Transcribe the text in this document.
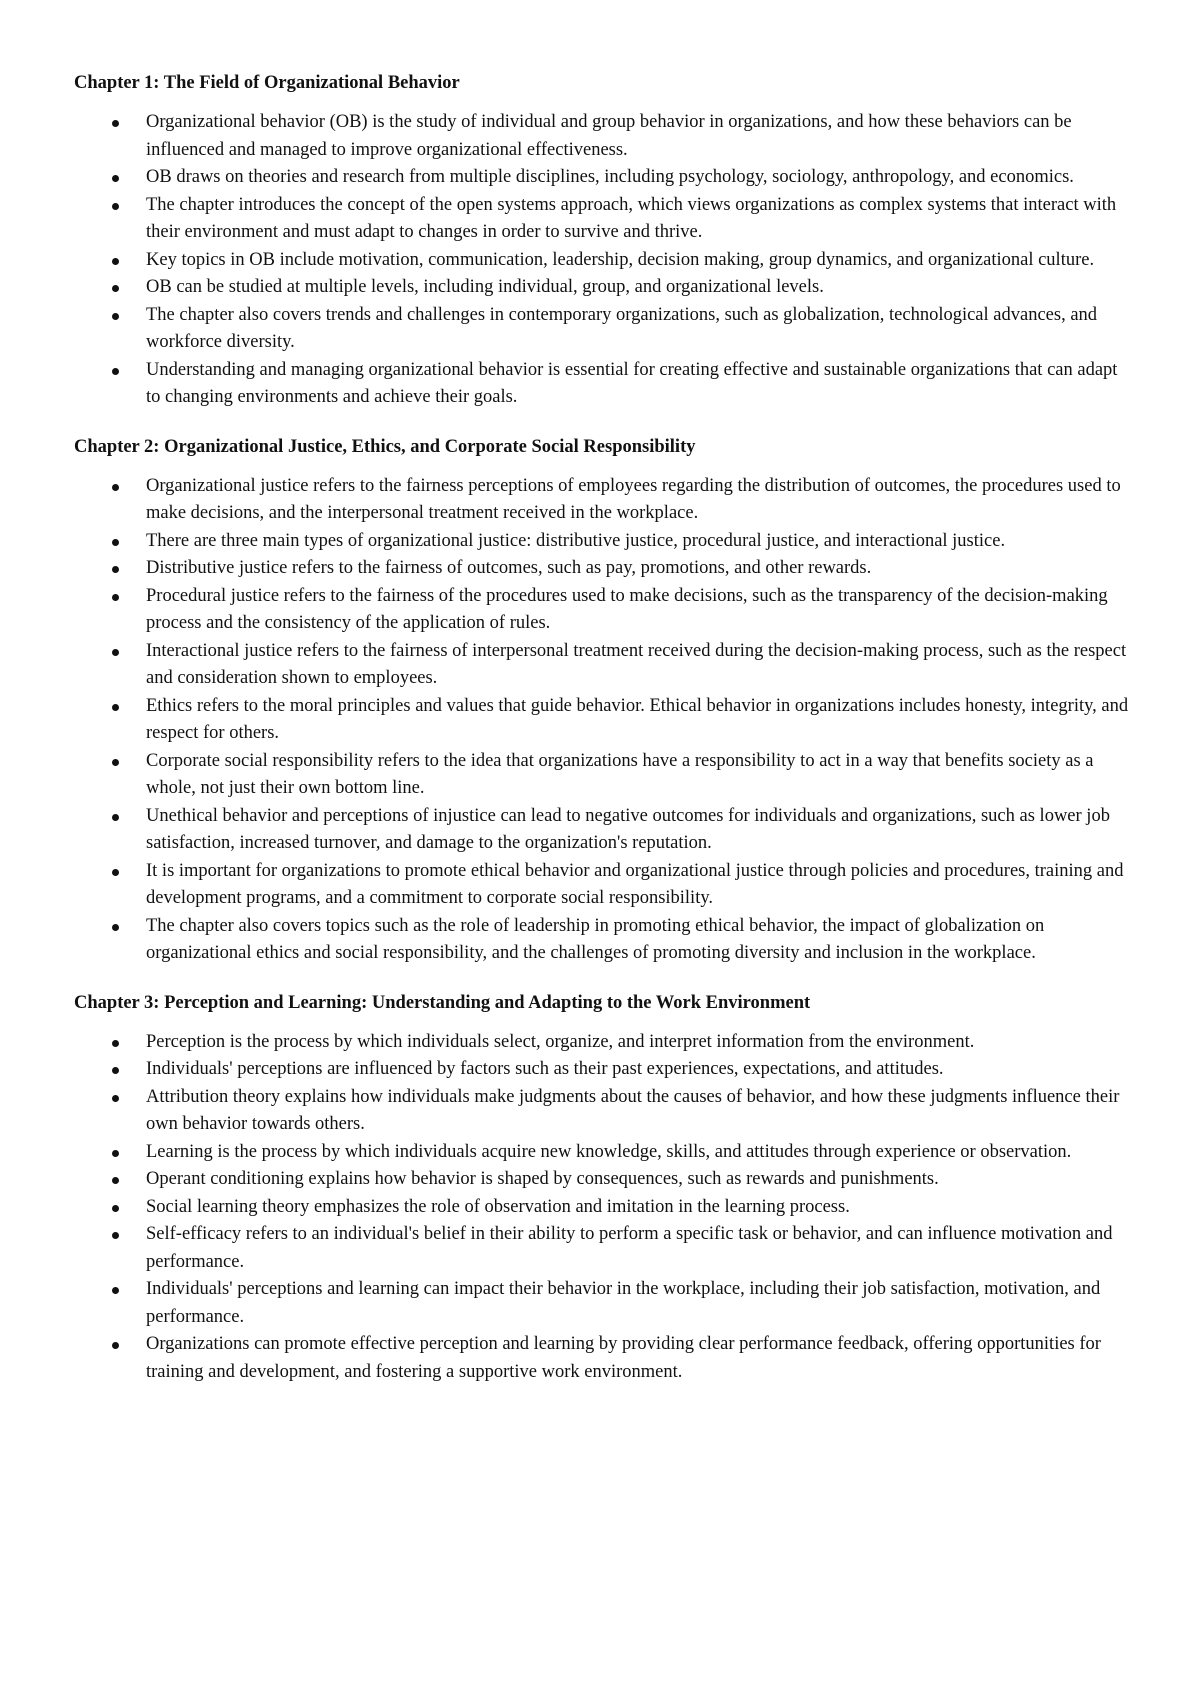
Chapter 1: The Field of Organizational Behavior
Organizational behavior (OB) is the study of individual and group behavior in organizations, and how these behaviors can be influenced and managed to improve organizational effectiveness.
OB draws on theories and research from multiple disciplines, including psychology, sociology, anthropology, and economics.
The chapter introduces the concept of the open systems approach, which views organizations as complex systems that interact with their environment and must adapt to changes in order to survive and thrive.
Key topics in OB include motivation, communication, leadership, decision making, group dynamics, and organizational culture.
OB can be studied at multiple levels, including individual, group, and organizational levels.
The chapter also covers trends and challenges in contemporary organizations, such as globalization, technological advances, and workforce diversity.
Understanding and managing organizational behavior is essential for creating effective and sustainable organizations that can adapt to changing environments and achieve their goals.
Chapter 2: Organizational Justice, Ethics, and Corporate Social Responsibility
Organizational justice refers to the fairness perceptions of employees regarding the distribution of outcomes, the procedures used to make decisions, and the interpersonal treatment received in the workplace.
There are three main types of organizational justice: distributive justice, procedural justice, and interactional justice.
Distributive justice refers to the fairness of outcomes, such as pay, promotions, and other rewards.
Procedural justice refers to the fairness of the procedures used to make decisions, such as the transparency of the decision-making process and the consistency of the application of rules.
Interactional justice refers to the fairness of interpersonal treatment received during the decision-making process, such as the respect and consideration shown to employees.
Ethics refers to the moral principles and values that guide behavior. Ethical behavior in organizations includes honesty, integrity, and respect for others.
Corporate social responsibility refers to the idea that organizations have a responsibility to act in a way that benefits society as a whole, not just their own bottom line.
Unethical behavior and perceptions of injustice can lead to negative outcomes for individuals and organizations, such as lower job satisfaction, increased turnover, and damage to the organization's reputation.
It is important for organizations to promote ethical behavior and organizational justice through policies and procedures, training and development programs, and a commitment to corporate social responsibility.
The chapter also covers topics such as the role of leadership in promoting ethical behavior, the impact of globalization on organizational ethics and social responsibility, and the challenges of promoting diversity and inclusion in the workplace.
Chapter 3: Perception and Learning: Understanding and Adapting to the Work Environment
Perception is the process by which individuals select, organize, and interpret information from the environment.
Individuals' perceptions are influenced by factors such as their past experiences, expectations, and attitudes.
Attribution theory explains how individuals make judgments about the causes of behavior, and how these judgments influence their own behavior towards others.
Learning is the process by which individuals acquire new knowledge, skills, and attitudes through experience or observation.
Operant conditioning explains how behavior is shaped by consequences, such as rewards and punishments.
Social learning theory emphasizes the role of observation and imitation in the learning process.
Self-efficacy refers to an individual's belief in their ability to perform a specific task or behavior, and can influence motivation and performance.
Individuals' perceptions and learning can impact their behavior in the workplace, including their job satisfaction, motivation, and performance.
Organizations can promote effective perception and learning by providing clear performance feedback, offering opportunities for training and development, and fostering a supportive work environment.
